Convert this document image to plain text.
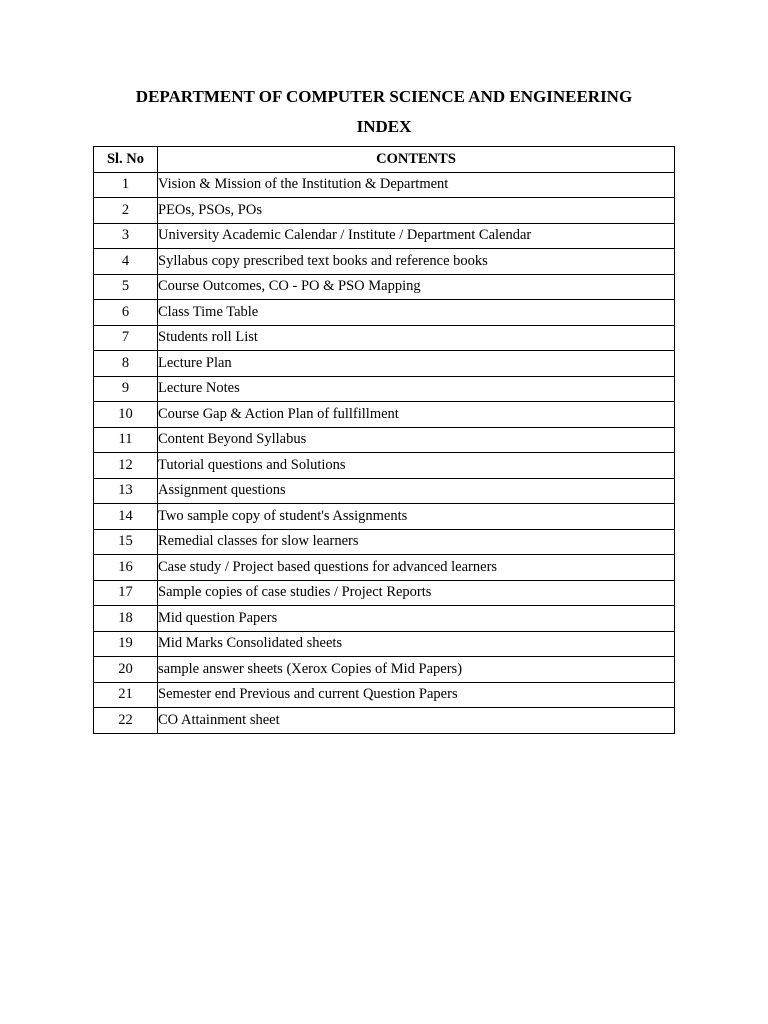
DEPARTMENT OF COMPUTER SCIENCE AND ENGINEERING
INDEX
Sl. No	CONTENTS
1	Vision & Mission of the Institution & Department
2	PEOs, PSOs, POs
3	University Academic Calendar / Institute / Department Calendar
4	Syllabus copy prescribed text books and reference books
5	Course Outcomes, CO - PO & PSO Mapping
6	Class Time Table
7	Students roll List
8	Lecture Plan
9	Lecture Notes
10	Course Gap & Action Plan of fullfillment
11	Content Beyond Syllabus
12	Tutorial questions and Solutions
13	Assignment questions
14	Two sample copy of student's Assignments
15	Remedial classes for slow learners
16	Case study / Project based questions for advanced learners
17	Sample copies of case studies / Project Reports
18	Mid question Papers
19	Mid Marks Consolidated sheets
20	sample answer sheets (Xerox Copies of Mid Papers)
21	Semester end Previous and current Question Papers
22	CO Attainment sheet
